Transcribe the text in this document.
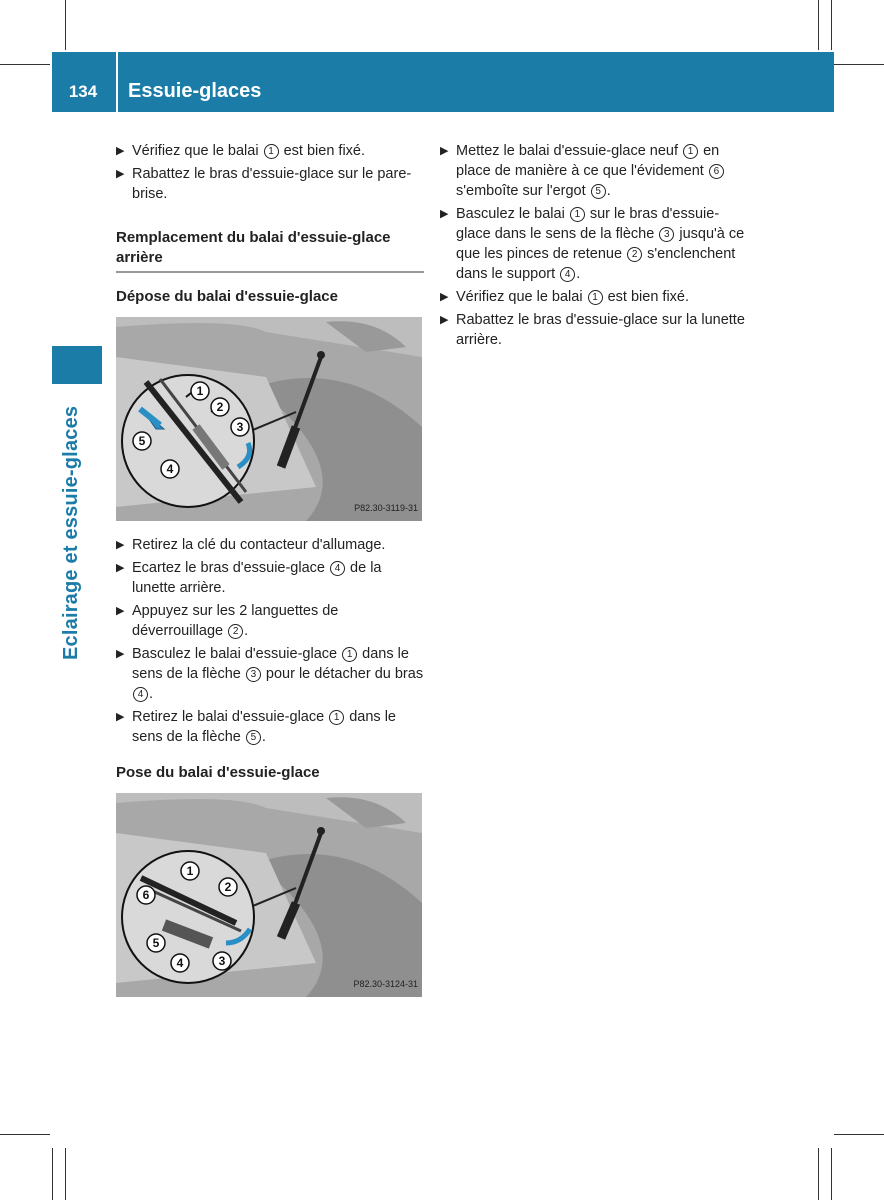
134	Essuie-glaces
Eclairage et essuie-glaces
▶ Vérifiez que le balai 1 est bien fixé.
▶ Rabattez le bras d'essuie-glace sur le pare-brise.
Remplacement du balai d'essuie-glace arrière
Dépose du balai d'essuie-glace
1
2
3
4
5
P82.30-3119-31
▶ Retirez la clé du contacteur d'allumage.
▶ Ecartez le bras d'essuie-glace 4 de la lunette arrière.
▶ Appuyez sur les 2 languettes de déverrouillage 2 .
▶ Basculez le balai d'essuie-glace 1 dans le sens de la flèche 3 pour le détacher du bras 4 .
▶ Retirez le balai d'essuie-glace 1 dans le sens de la flèche 5 .
Pose du balai d'essuie-glace
1
2
3
4
5
6
P82.30-3124-31
▶ Mettez le balai d'essuie-glace neuf 1 en place de manière à ce que l'évidement 6 s'emboîte sur l'ergot 5 .
▶ Basculez le balai 1 sur le bras d'essuie-glace dans le sens de la flèche 3 jusqu'à ce que les pinces de retenue 2 s'enclenchent dans le support 4 .
▶ Vérifiez que le balai 1 est bien fixé.
▶ Rabattez le bras d'essuie-glace sur la lunette arrière.
